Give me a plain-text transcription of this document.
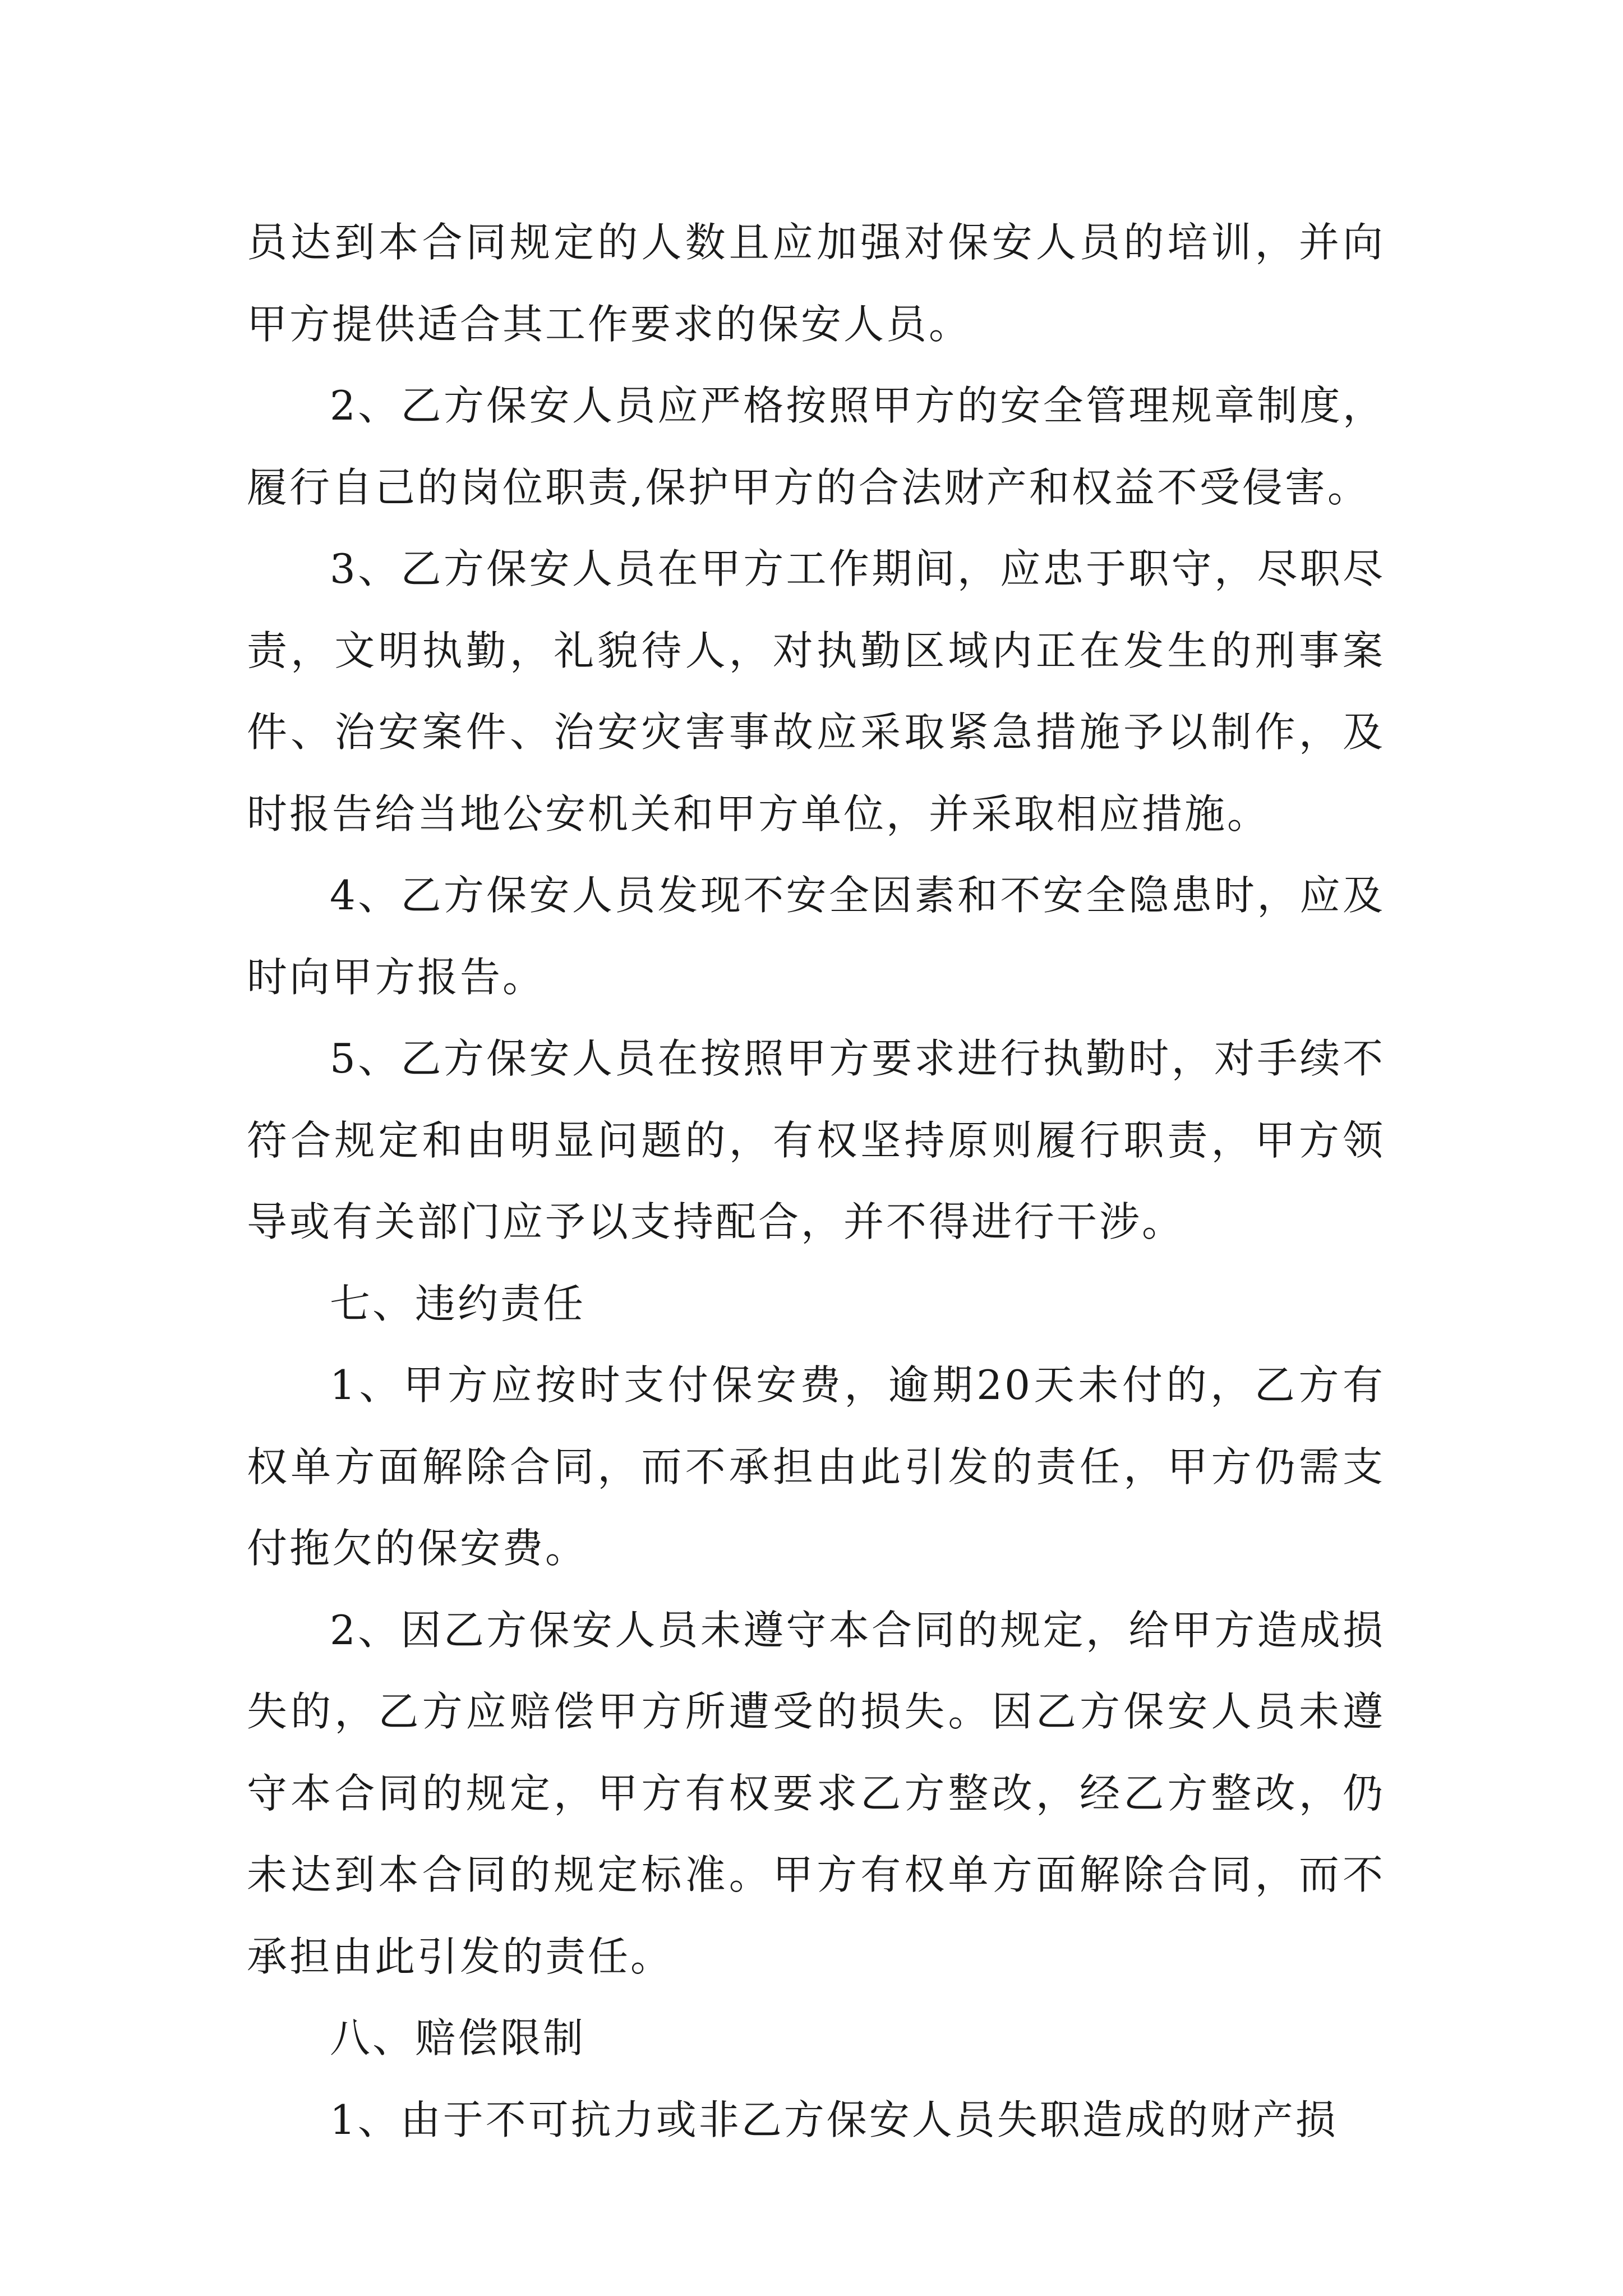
员达到本合同规定的人数且应加强对保安人员的培训，并向甲方提供适合其工作要求的保安人员。

2、乙方保安人员应严格按照甲方的安全管理规章制度，履行自己的岗位职责,保护甲方的合法财产和权益不受侵害。

3、乙方保安人员在甲方工作期间，应忠于职守，尽职尽责，文明执勤，礼貌待人，对执勤区域内正在发生的刑事案件、治安案件、治安灾害事故应采取紧急措施予以制作，及时报告给当地公安机关和甲方单位，并采取相应措施。

4、乙方保安人员发现不安全因素和不安全隐患时，应及时向甲方报告。

5、乙方保安人员在按照甲方要求进行执勤时，对手续不符合规定和由明显问题的，有权坚持原则履行职责，甲方领导或有关部门应予以支持配合，并不得进行干涉。

七、违约责任

1、甲方应按时支付保安费，逾期20天未付的，乙方有权单方面解除合同，而不承担由此引发的责任，甲方仍需支付拖欠的保安费。

2、因乙方保安人员未遵守本合同的规定，给甲方造成损失的，乙方应赔偿甲方所遭受的损失。因乙方保安人员未遵守本合同的规定，甲方有权要求乙方整改，经乙方整改，仍未达到本合同的规定标准。甲方有权单方面解除合同，而不承担由此引发的责任。

八、赔偿限制

1、由于不可抗力或非乙方保安人员失职造成的财产损
